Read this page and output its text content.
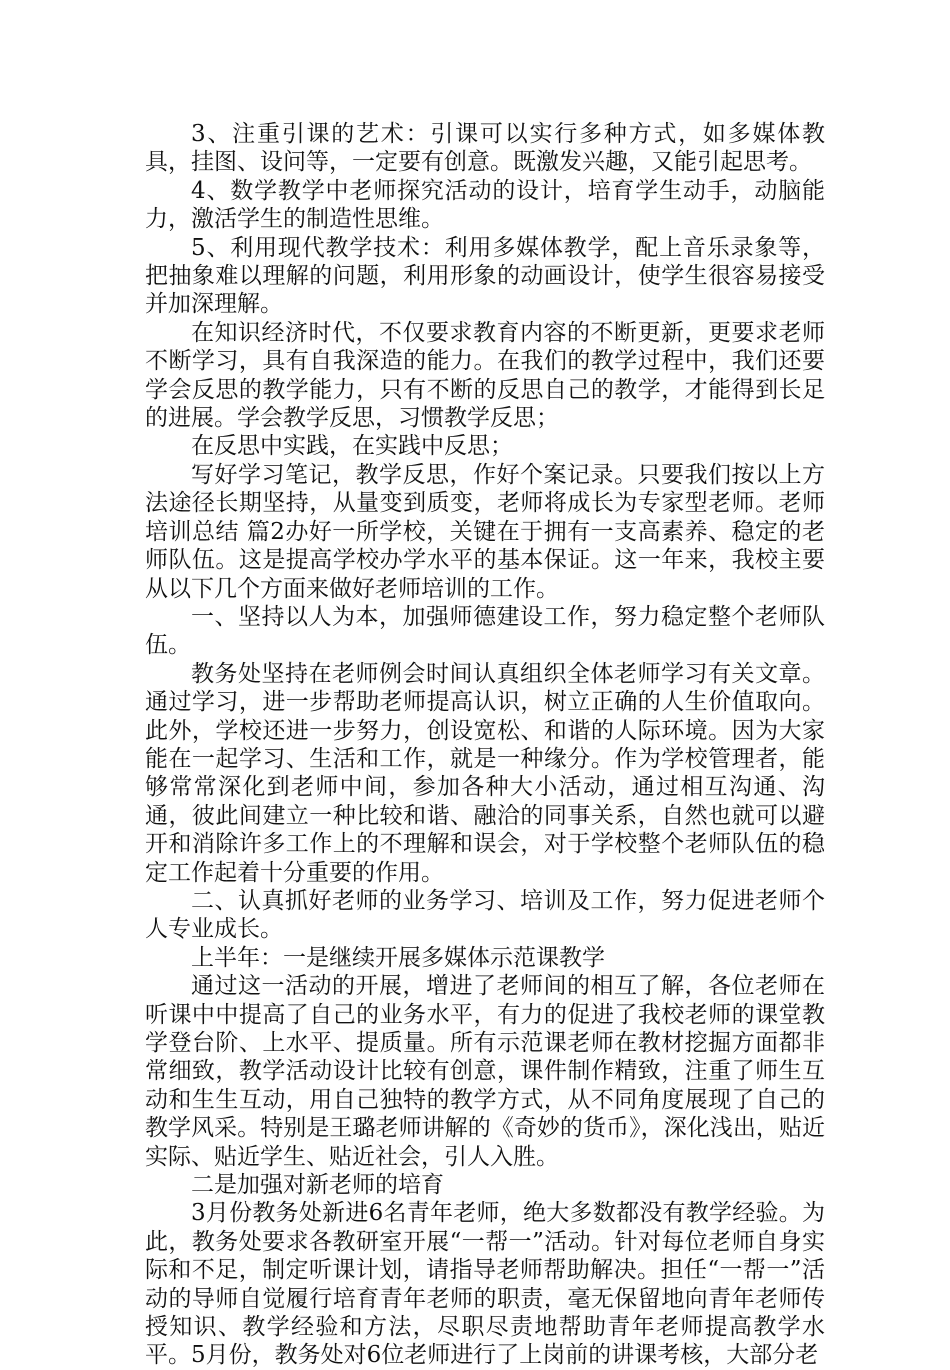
3、注重引课的艺术：引课可以实行多种方式，如多媒体教具，挂图、设问等，一定要有创意。既激发兴趣，又能引起思考。

4、数学教学中老师探究活动的设计，培育学生动手，动脑能力，激活学生的制造性思维。

5、利用现代教学技术：利用多媒体教学，配上音乐录象等，把抽象难以理解的问题，利用形象的动画设计，使学生很容易接受并加深理解。

在知识经济时代，不仅要求教育内容的不断更新，更要求老师不断学习，具有自我深造的能力。在我们的教学过程中，我们还要学会反思的教学能力，只有不断的反思自己的教学，才能得到长足的进展。学会教学反思，习惯教学反思；

在反思中实践，在实践中反思；

写好学习笔记，教学反思，作好个案记录。只要我们按以上方法途径长期坚持，从量变到质变，老师将成长为专家型老师。老师培训总结 篇2办好一所学校，关键在于拥有一支高素养、稳定的老师队伍。这是提高学校办学水平的基本保证。这一年来，我校主要从以下几个方面来做好老师培训的工作。

一、坚持以人为本，加强师德建设工作，努力稳定整个老师队伍。

教务处坚持在老师例会时间认真组织全体老师学习有关文章。通过学习，进一步帮助老师提高认识，树立正确的人生价值取向。此外，学校还进一步努力，创设宽松、和谐的人际环境。因为大家能在一起学习、生活和工作，就是一种缘分。作为学校管理者，能够常常深化到老师中间，参加各种大小活动，通过相互沟通、沟通，彼此间建立一种比较和谐、融洽的同事关系，自然也就可以避开和消除许多工作上的不理解和误会，对于学校整个老师队伍的稳定工作起着十分重要的作用。

二、认真抓好老师的业务学习、培训及工作，努力促进老师个人专业成长。

上半年：一是继续开展多媒体示范课教学

通过这一活动的开展，增进了老师间的相互了解，各位老师在听课中中提高了自己的业务水平，有力的促进了我校老师的课堂教学登台阶、上水平、提质量。所有示范课老师在教材挖掘方面都非常细致，教学活动设计比较有创意，课件制作精致，注重了师生互动和生生互动，用自己独特的教学方式，从不同角度展现了自己的教学风采。特别是王璐老师讲解的《奇妙的货币》，深化浅出，贴近实际、贴近学生、贴近社会，引人入胜。

二是加强对新老师的培育

3月份教务处新进6名青年老师，绝大多数都没有教学经验。为此，教务处要求各教研室开展“一帮一”活动。针对每位老师自身实际和不足，制定听课计划，请指导老师帮助解决。担任“一帮一”活动的导师自觉履行培育青年老师的职责，毫无保留地向青年老师传授知识、教学经验和方法，尽职尽责地帮助青年老师提高教学水平。5月份，教务处对6位老师进行了上岗前的讲课考核，大部分老
